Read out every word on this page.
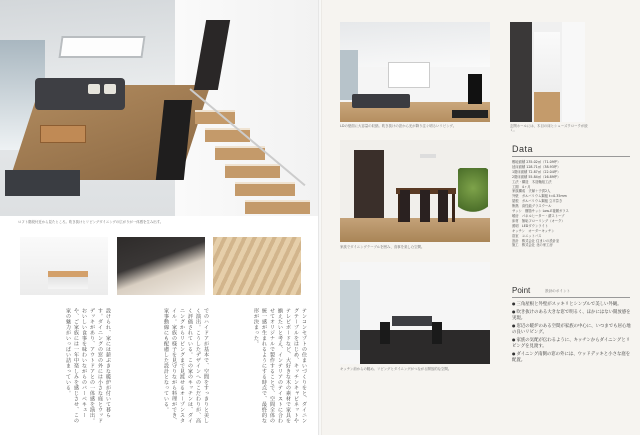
ロフト階段付近から見たところ。吹き抜けとリビングダイニングの広がりが一体感を生み出す。
テンコンセプトの住まいづくりをと、ダイニングテーブルをはじめ、キッチンキャビネットやテレビボードなど、大好きな木の素材で家具を揃えたいと考え、インテリアのテイストに合わせてオリジナルで製作することで、空間全体の統一感が生まれるようにする時点で、最終的な形が決まった。
でのハイドアが基本で、空間をすっきりと美しく演出。こうしたデザインへのこだわりが、高く評価されている。この家のキッチンは、ダイニングからリビングまで見渡せるオープンスタイル。家族の様子を見守りながら料理ができ、家事動線にも配慮した設計となっている。
設けられ、家には薪ぶきな暖炉が付いて暮らす。ダイニングの窓の外には小さな庭とウッドデッキがあり、アウトドアとの一体感を演出。おいしい食事を味わいながらのバーベキューや、ご家族には一年中楽しみを感じさせ、この家の魅力がいっぱい詰まっている。
LDの壁面に大容量の収納。吹き抜けの窓から光が降り注ぐ明るいリビング。	玄関ホールには、木目の床とシューズクロークが続く。
家族でダイニングテーブルを囲み、食事を楽しむ空間。
キッチン前からの眺め。リビングとダイニングがつながる開放的な空間。
Data
敷地面積 235.02㎡（71.09坪）
延床面積 128.71㎡（38.93坪）
1階床面積 72.87㎡（22.04坪）
2階床面積 55.84㎡（16.89坪）
工法・構造　木造軸組工法
工期　4ヶ月
家族構成　夫婦＋子供2人
外壁　ガルバリウム鋼板 t=0.35mm
屋根　ガルバリウム鋼板 立平葺き
断熱　高性能グラスウール
サッシ　樹脂サッシ Low-E複層ガラス
暖房　パネルヒーター・薪ストーブ
床材　無垢フローリング（オーク）
照明　LEDダウンライト
キッチン　オーダーキッチン
浴室　ユニットバス
設計　株式会社 住まいの設計室
施工　株式会社 北の家工房
Point	設計のポイント
● 三角屋根と外壁がスッキリとシンプルで美しい外観。
● 吹き抜けのある大きな窓で明るく、ほかにはない開放感を実現。
● 窓辺の暖炉のある空間が家族の中心に、いつまでも居心地の良いリビング。
● 家族の気配が伝わるように、キッチンからダイニングとリビングを見渡す。
● ダイニング南側の窓の外には、ウッドデッキと小さな庭を配置。
